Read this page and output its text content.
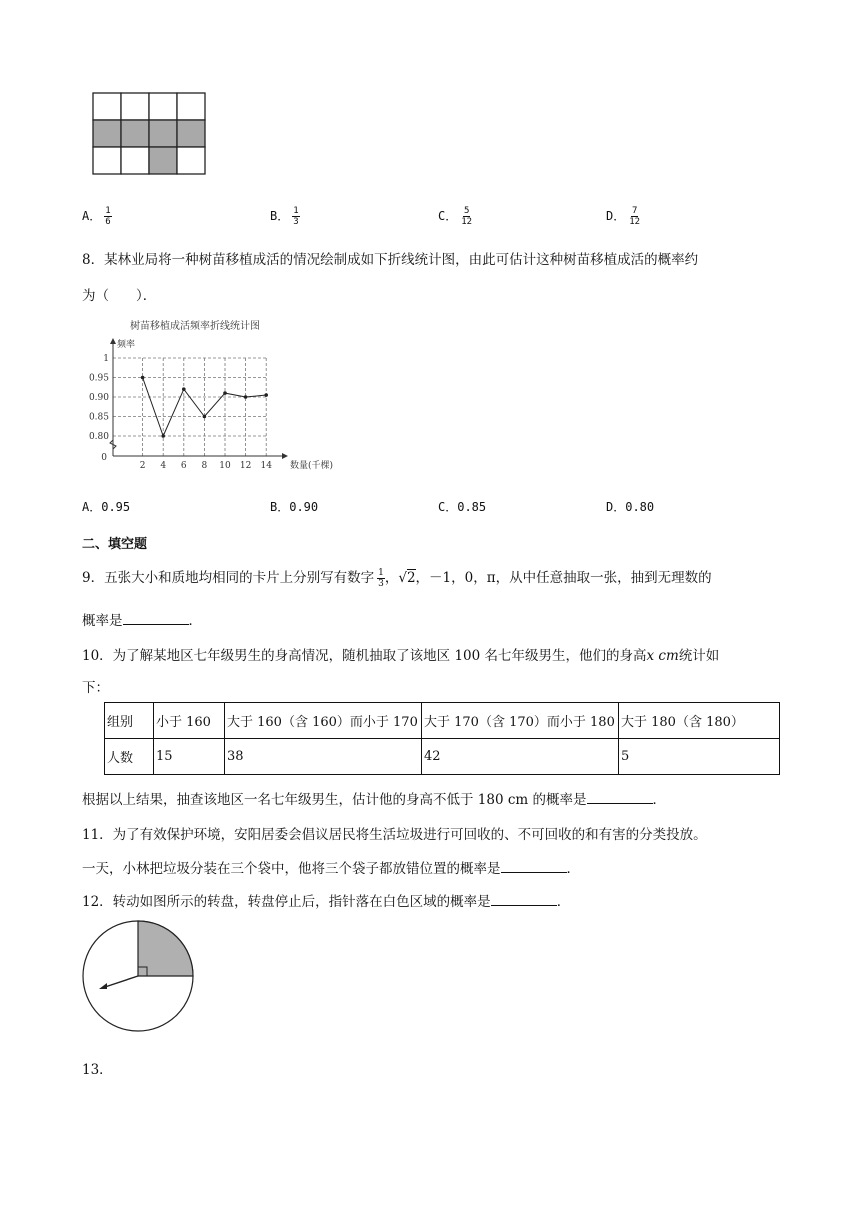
A． $\frac{1}{6}$	B． $\frac{1}{3}$	C． $\frac{5}{12}$	D． $\frac{7}{12}$
8．某林业局将一种树苗移植成活的情况绘制成如下折线统计图，由此可估计这种树苗移植成活的概率约
为（　　）．
树苗移植成活频率折线统计图
频率
0.80
0.85
0.90
0.95
1
2 4 6 8 10 12 14
0
数量(千棵)
A．0.95	B．0.90	C．0.85	D．0.80
二、填空题
9．五张大小和质地均相同的卡片上分别写有数字 $\frac{1}{3}$ ，√2，－1，0，π，从中任意抽取一张，抽到无理数的
概率是	．
10．为了解某地区七年级男生的身高情况，随机抽取了该地区 100 名七年级男生，他们的身高x cm统计如
下：
组别	小于 160	大于 160（含 160）而小于 170	大于 170（含 170）而小于 180	大于 180（含 180）
人数	15	38	42	5
根据以上结果，抽查该地区一名七年级男生，估计他的身高不低于 180 cm 的概率是	．
11．为了有效保护环境，安阳居委会倡议居民将生活垃圾进行可回收的、不可回收的和有害的分类投放。
一天，小林把垃圾分装在三个袋中，他将三个袋子都放错位置的概率是	．
12．转动如图所示的转盘，转盘停止后，指针落在白色区域的概率是	．
13．
